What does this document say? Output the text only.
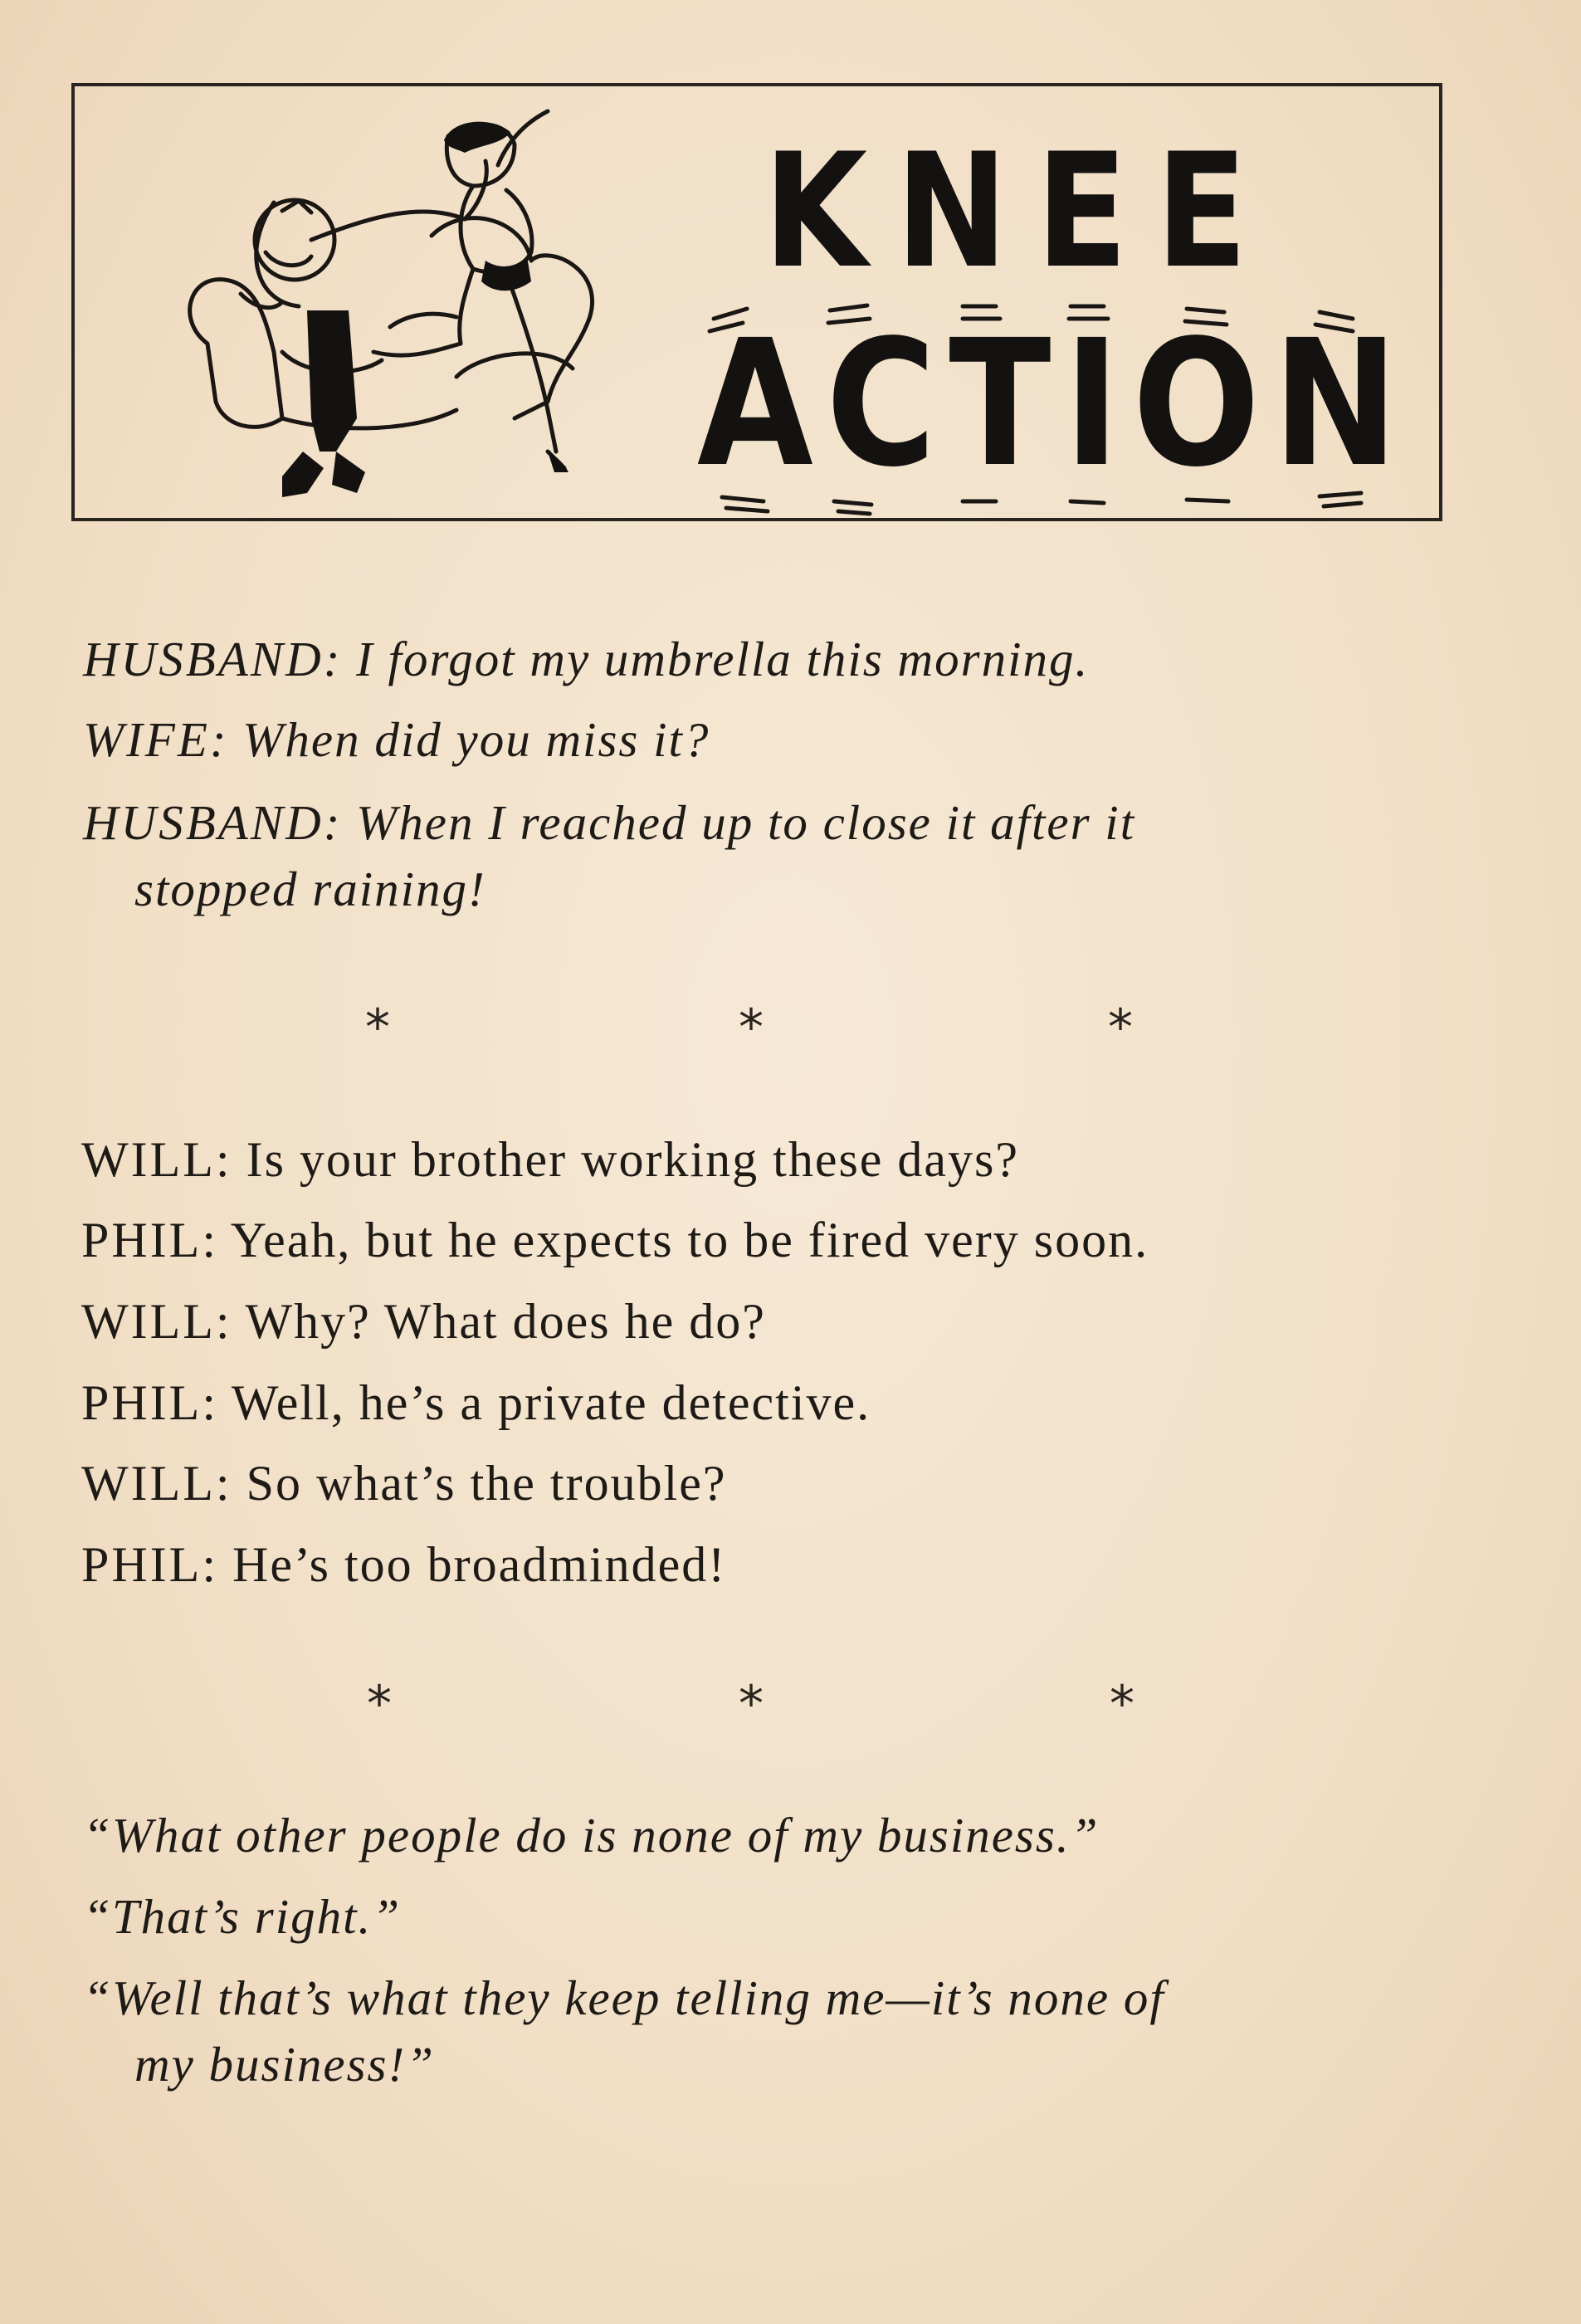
KNEE

ACTION

HUSBAND: I forgot my umbrella this morning.

WIFE: When did you miss it?

HUSBAND: When I reached up to close it after it

stopped raining!

*	*	*

WILL: Is your brother working these days?

PHIL: Yeah, but he expects to be fired very soon.

WILL: Why? What does he do?

PHIL: Well, he’s a private detective.

WILL: So what’s the trouble?

PHIL: He’s too broadminded!

*	*	*

“What other people do is none of my business.”

“That’s right.”

“Well that’s what they keep telling me—it’s none of

my business!”
